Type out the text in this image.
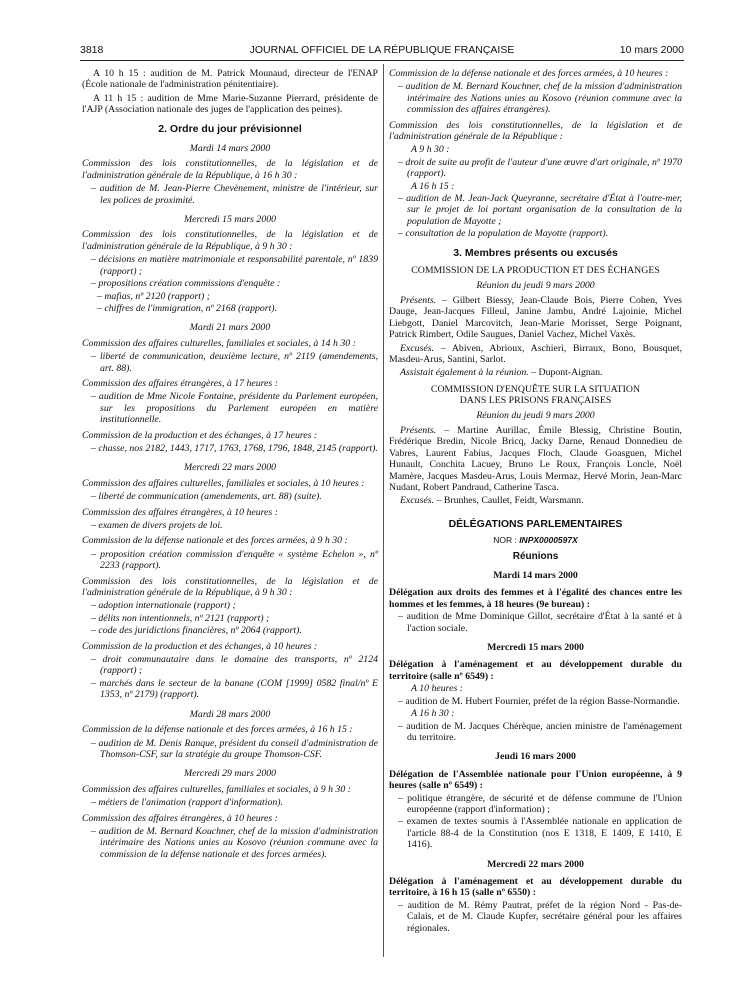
3818	JOURNAL OFFICIEL DE LA RÉPUBLIQUE FRANÇAISE	10 mars 2000

A 10 h 15 : audition de M. Patrick Mounaud, directeur de l'ENAP (École nationale de l'administration pénitentiaire).

A 11 h 15 : audition de Mme Marie-Suzanne Pierrard, présidente de l'AJP (Association nationale des juges de l'application des peines).

2. Ordre du jour prévisionnel
Mardi 14 mars 2000

Commission des lois constitutionnelles, de la législation et de l'administration générale de la République, à 16 h 30 :

– audition de M. Jean-Pierre Chevènement, ministre de l'intérieur, sur les polices de proximité.

Mercredi 15 mars 2000

Commission des lois constitutionnelles, de la législation et de l'administration générale de la République, à 9 h 30 :

– décisions en matière matrimoniale et responsabilité parentale, nº 1839 (rapport) ;

– propositions création commissions d'enquête :

– mafias, nº 2120 (rapport) ;

– chiffres de l'immigration, nº 2168 (rapport).

Mardi 21 mars 2000

Commission des affaires culturelles, familiales et sociales, à 14 h 30 :

– liberté de communication, deuxième lecture, nº 2119 (amendements, art. 88).

Commission des affaires étrangères, à 17 heures :

– audition de Mme Nicole Fontaine, présidente du Parlement européen, sur les propositions du Parlement européen en matière institutionnelle.

Commission de la production et des échanges, à 17 heures :

– chasse, nos 2182, 1443, 1717, 1763, 1768, 1796, 1848, 2145 (rapport).

Mercredi 22 mars 2000

Commission des affaires culturelles, familiales et sociales, à 10 heures :

– liberté de communication (amendements, art. 88) (suite).

Commission des affaires étrangères, à 10 heures :

– examen de divers projets de loi.

Commission de la défense nationale et des forces armées, à 9 h 30 :

– proposition création commission d'enquête « système Echelon », nº 2233 (rapport).

Commission des lois constitutionnelles, de la législation et de l'administration générale de la République, à 9 h 30 :

– adoption internationale (rapport) ;

– délits non intentionnels, nº 2121 (rapport) ;

– code des juridictions financières, nº 2064 (rapport).

Commission de la production et des échanges, à 10 heures :

– droit communautaire dans le domaine des transports, nº 2124 (rapport) ;

– marchés dans le secteur de la banane (COM [1999] 0582 final/nº E 1353, nº 2179) (rapport).

Mardi 28 mars 2000

Commission de la défense nationale et des forces armées, à 16 h 15 :

– audition de M. Denis Ranque, président du conseil d'administration de Thomson-CSF, sur la stratégie du groupe Thomson-CSF.

Mercredi 29 mars 2000

Commission des affaires culturelles, familiales et sociales, à 9 h 30 :

– métiers de l'animation (rapport d'information).

Commission des affaires étrangères, à 10 heures :

– audition de M. Bernard Kouchner, chef de la mission d'administration intérimaire des Nations unies au Kosovo (réunion commune avec la commission de la défense nationale et des forces armées).

Commission de la défense nationale et des forces armées, à 10 heures :

– audition de M. Bernard Kouchner, chef de la mission d'administration intérimaire des Nations unies au Kosovo (réunion commune avec la commission des affaires étrangères).

Commission des lois constitutionnelles, de la législation et de l'administration générale de la République :

A 9 h 30 :

– droit de suite au profit de l'auteur d'une œuvre d'art originale, nº 1970 (rapport).

A 16 h 15 :

– audition de M. Jean-Jack Queyranne, secrétaire d'État à l'outre-mer, sur le projet de loi portant organisation de la consultation de la population de Mayotte ;

– consultation de la population de Mayotte (rapport).

3. Membres présents ou excusés
COMMISSION DE LA PRODUCTION ET DES ÉCHANGES
Réunion du jeudi 9 mars 2000

Présents. – Gilbert Biessy, Jean-Claude Bois, Pierre Cohen, Yves Dauge, Jean-Jacques Filleul, Janine Jambu, André Lajoinie, Michel Liebgott, Daniel Marcovitch, Jean-Marie Morisset, Serge Poignant, Patrick Rimbert, Odile Saugues, Daniel Vachez, Michel Vaxès.

Excusés. – Abiven, Abrioux, Aschieri, Birraux, Bono, Bousquet, Masdeu-Arus, Santini, Sarlot.

Assistait également à la réunion. – Dupont-Aignan.

COMMISSION D'ENQUÊTE SUR LA SITUATION
DANS LES PRISONS FRANÇAISES
Réunion du jeudi 9 mars 2000

Présents. – Martine Aurillac, Émile Blessig, Christine Boutin, Frédérique Bredin, Nicole Bricq, Jacky Darne, Renaud Donnedieu de Vabres, Laurent Fabius, Jacques Floch, Claude Goasguen, Michel Hunault, Conchita Lacuey, Bruno Le Roux, François Loncle, Noël Mamère, Jacques Masdeu-Arus, Louis Mermaz, Hervé Morin, Jean-Marc Nudant, Robert Pandraud, Catherine Tasca.

Excusés. – Brunhes, Caullet, Feidt, Warsmann.

DÉLÉGATIONS PARLEMENTAIRES
NOR : INPX0000597X
Réunions
Mardi 14 mars 2000

Délégation aux droits des femmes et à l'égalité des chances entre les hommes et les femmes, à 18 heures (9e bureau) :

– audition de Mme Dominique Gillot, secrétaire d'État à la santé et à l'action sociale.

Mercredi 15 mars 2000

Délégation à l'aménagement et au développement durable du territoire (salle nº 6549) :

A 10 heures :

– audition de M. Hubert Fournier, préfet de la région Basse-Normandie.

A 16 h 30 :

– audition de M. Jacques Chérèque, ancien ministre de l'aménagement du territoire.

Jeudi 16 mars 2000

Délégation de l'Assemblée nationale pour l'Union européenne, à 9 heures (salle nº 6549) :

– politique étrangère, de sécurité et de défense commune de l'Union européenne (rapport d'information) ;

– examen de textes soumis à l'Assemblée nationale en application de l'article 88-4 de la Constitution (nos E 1318, E 1409, E 1410, E 1416).

Mercredi 22 mars 2000

Délégation à l'aménagement et au développement durable du territoire, à 16 h 15 (salle nº 6550) :

– audition de M. Rémy Pautrat, préfet de la région Nord - Pas-de-Calais, et de M. Claude Kupfer, secrétaire général pour les affaires régionales.
